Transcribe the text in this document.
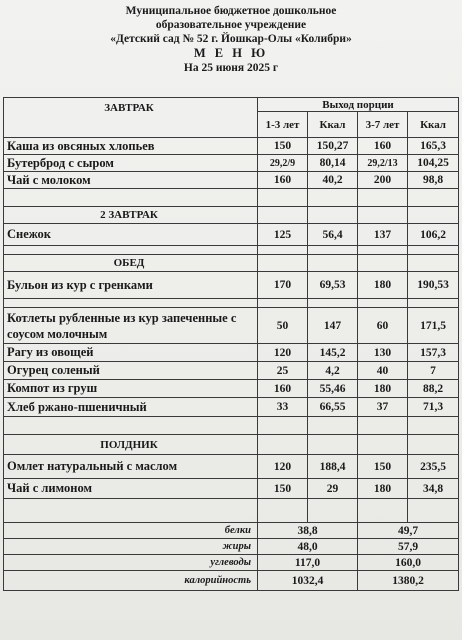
Муниципальное бюджетное дошкольное
образовательное учреждение
«Детский сад № 52 г. Йошкар-Олы «Колибри»
М Е Н Ю
На 25 июня 2025 г
ЗАВТРАК	Выход порции			
	1-3 лет	Ккал	3-7 лет	Ккал
Каша из овсяных хлопьев	150	150,27	160	165,3
Бутерброд с сыром	29,2/9	80,14	29,2/13	104,25
Чай с молоком	160	40,2	200	98,8

2 ЗАВТРАК				
Снежок	125	56,4	137	106,2

ОБЕД				
Бульон из кур с гренками	170	69,53	180	190,53

Котлеты рубленные из кур запеченные с соусом молочным	50	147	60	171,5
Рагу из овощей	120	145,2	130	157,3
Огурец соленый	25	4,2	40	7
Компот из груш	160	55,46	180	88,2
Хлеб ржано-пшеничный	33	66,55	37	71,3

ПОЛДНИК				
Омлет натуральный с маслом	120	188,4	150	235,5
Чай с лимоном	150	29	180	34,8

белки	38,8		49,7	
жиры	48,0		57,9	
углеводы	117,0		160,0	
калорийность	1032,4		1380,2	
